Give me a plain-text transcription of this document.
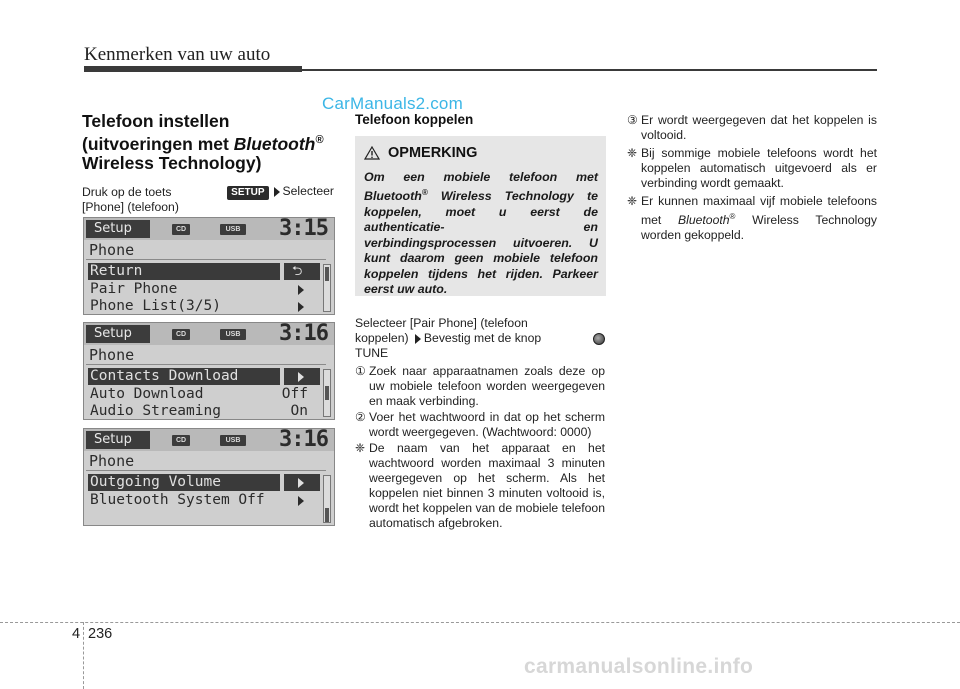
Kenmerken van uw auto
CarManuals2.com
Telefoon instellen
(uitvoeringen met Bluetooth®
Wireless Technology)
Druk op de toets	SETUP Selecteer
[Phone] (telefoon)
Setup	CD	USB 3:15
Phone
Return	⮌
Pair Phone
Phone List(3/5)
Setup	CD	USB 3:16
Phone
Contacts Download
Auto Download	Off
Audio Streaming	On
Setup	CD	USB 3:16
Phone
Outgoing Volume
Bluetooth System Off
Telefoon koppelen
OPMERKING
Om een mobiele telefoon met Bluetooth® Wireless Technology te koppelen, moet u eerst de authenticatie- en verbindingsprocessen uitvoeren. U kunt daarom geen mobiele telefoon koppelen tijdens het rijden. Parkeer eerst uw auto.
Selecteer [Pair Phone] (telefoon
koppelen) Bevestig met de knop
TUNE
① Zoek naar apparaatnamen zoals deze op uw mobiele telefoon worden weergegeven en maak verbinding.
② Voer het wachtwoord in dat op het scherm wordt weergegeven. (Wachtwoord: 0000)
❈ De naam van het apparaat en het wachtwoord worden maximaal 3 minuten weergegeven op het scherm. Als het koppelen niet binnen 3 minuten voltooid is, wordt het koppelen van de mobiele telefoon automatisch afgebroken.
③ Er wordt weergegeven dat het koppelen is voltooid.
❈ Bij sommige mobiele telefoons wordt het koppelen automatisch uitgevoerd als er verbinding wordt gemaakt.
❈ Er kunnen maximaal vijf mobiele telefoons met Bluetooth® Wireless Technology worden gekoppeld.
4 236
carmanualsonline.info
